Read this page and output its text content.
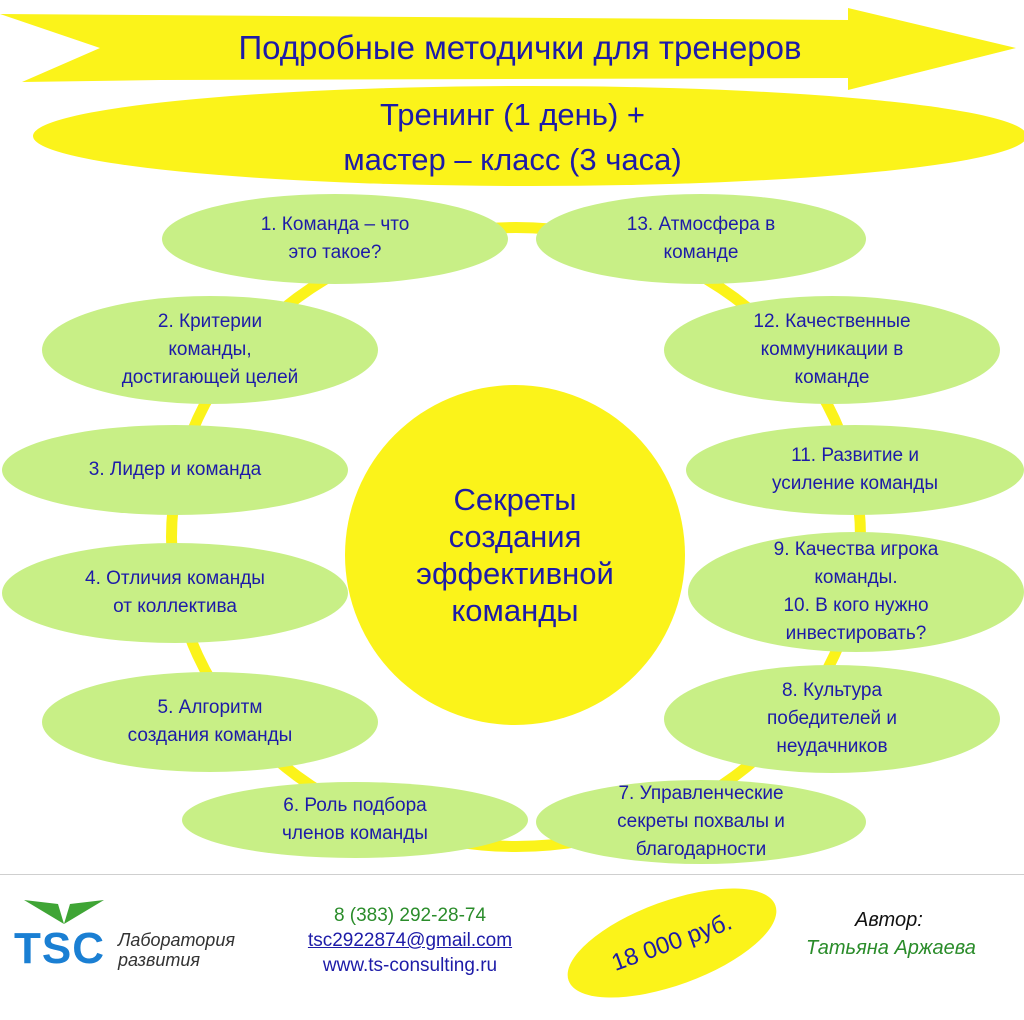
Подробные методички для тренеров
Тренинг (1 день) +
мастер – класс (3 часа)
Секреты
создания
эффективной
команды
1. Команда – что
это такое?
2. Критерии
команды,
достигающей целей
3. Лидер и команда
4. Отличия команды
от коллектива
5. Алгоритм
создания команды
6. Роль подбора
членов команды
7. Управленческие
секреты похвалы и
благодарности
8. Культура
победителей и
неудачников
9. Качества игрока
команды.
10. В кого нужно
инвестировать?
11. Развитие и
усиление команды
12. Качественные
коммуникации в
команде
13. Атмосфера в
команде
TSC Лаборатория
развития
8 (383) 292-28-74
tsc2922874@gmail.com
www.ts-consulting.ru	18 000 руб.	Автор:
Татьяна Аржаева
